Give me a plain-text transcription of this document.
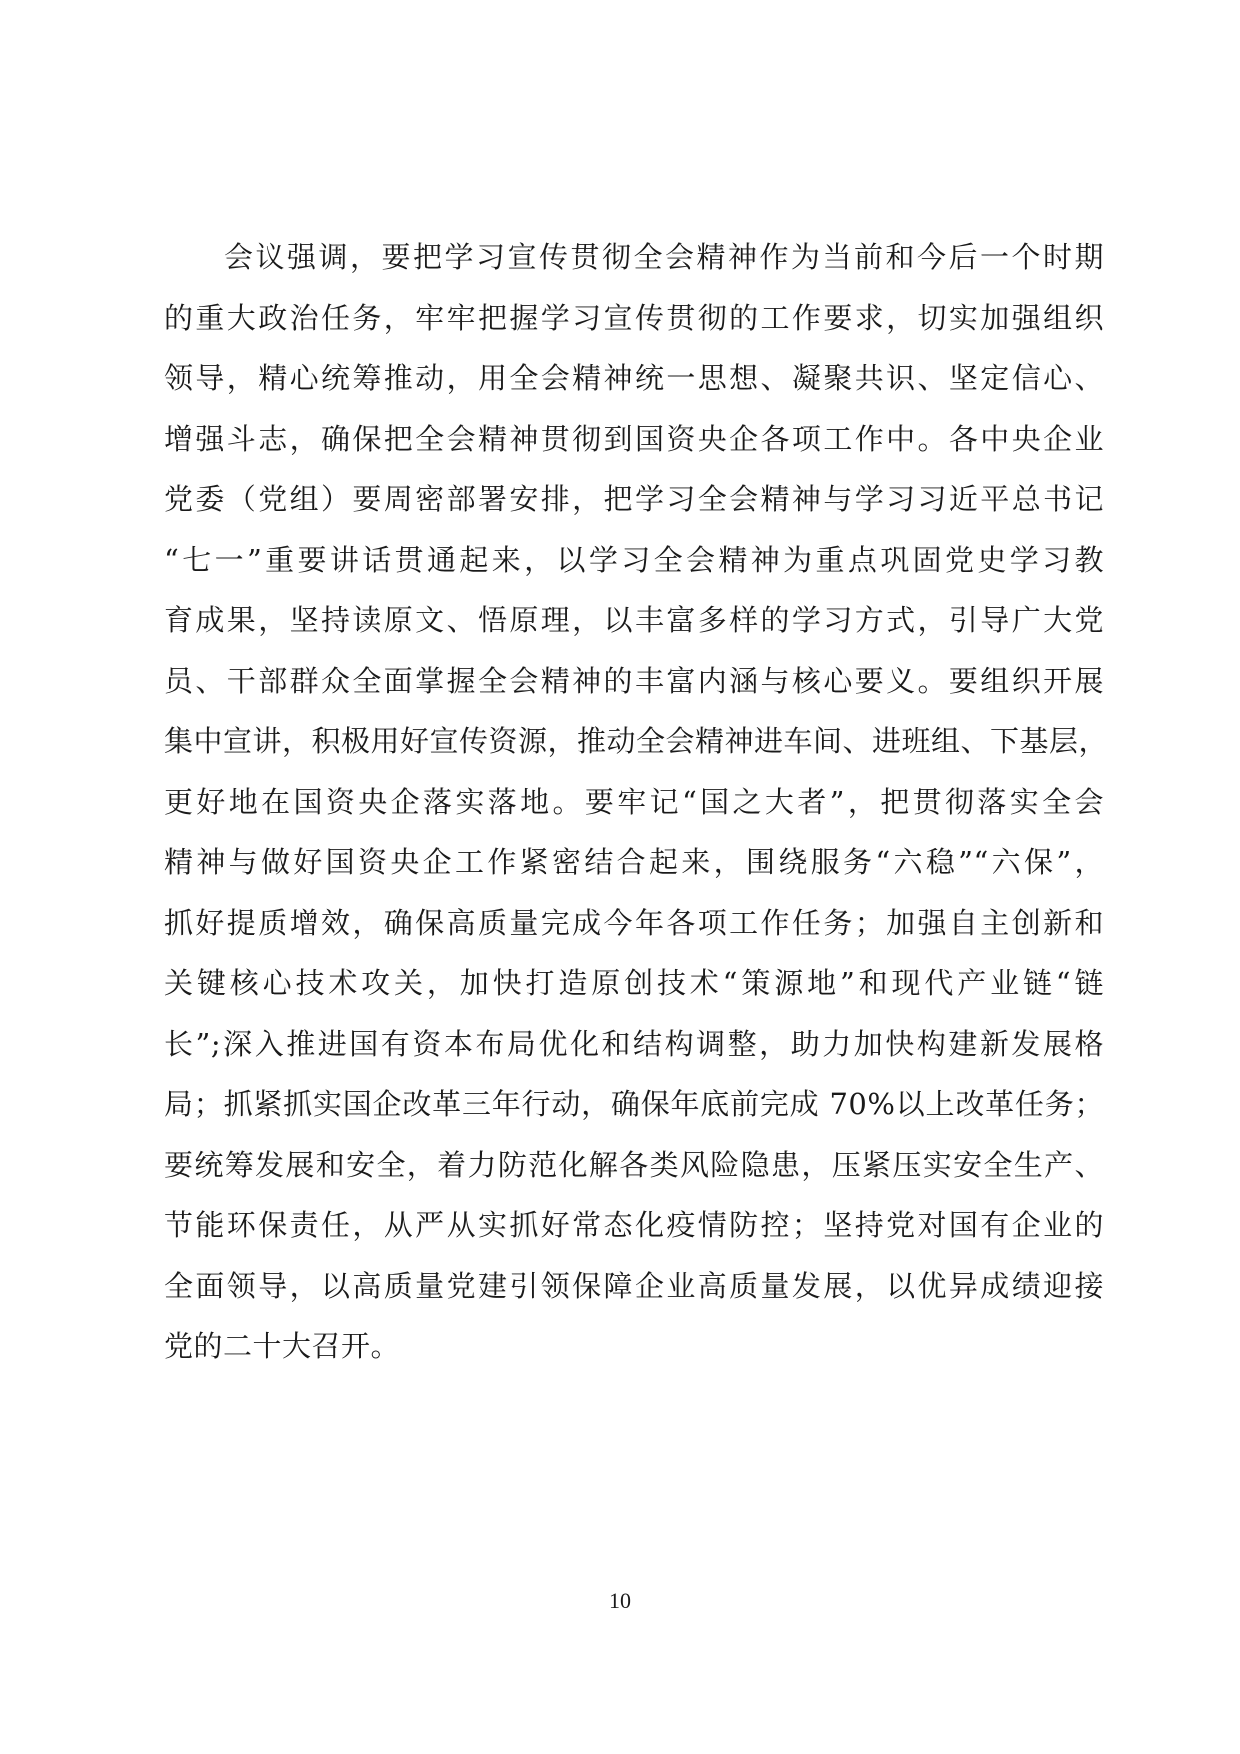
会议强调，要把学习宣传贯彻全会精神作为当前和今后一个时期
的重大政治任务，牢牢把握学习宣传贯彻的工作要求，切实加强组织
领导，精心统筹推动，用全会精神统一思想、凝聚共识、坚定信心、
增强斗志，确保把全会精神贯彻到国资央企各项工作中。各中央企业
党委（党组）要周密部署安排，把学习全会精神与学习习近平总书记
“七一”重要讲话贯通起来，以学习全会精神为重点巩固党史学习教
育成果，坚持读原文、悟原理，以丰富多样的学习方式，引导广大党
员、干部群众全面掌握全会精神的丰富内涵与核心要义。要组织开展
集中宣讲，积极用好宣传资源，推动全会精神进车间、进班组、下基层，
更好地在国资央企落实落地。要牢记“国之大者”，把贯彻落实全会
精神与做好国资央企工作紧密结合起来，围绕服务“六稳”“六保”，
抓好提质增效，确保高质量完成今年各项工作任务；加强自主创新和
关键核心技术攻关，加快打造原创技术“策源地”和现代产业链“链
长”;深入推进国有资本布局优化和结构调整，助力加快构建新发展格
局；抓紧抓实国企改革三年行动，确保年底前完成 70%以上改革任务；
要统筹发展和安全，着力防范化解各类风险隐患，压紧压实安全生产、
节能环保责任，从严从实抓好常态化疫情防控；坚持党对国有企业的
全面领导，以高质量党建引领保障企业高质量发展，以优异成绩迎接
党的二十大召开。
10
